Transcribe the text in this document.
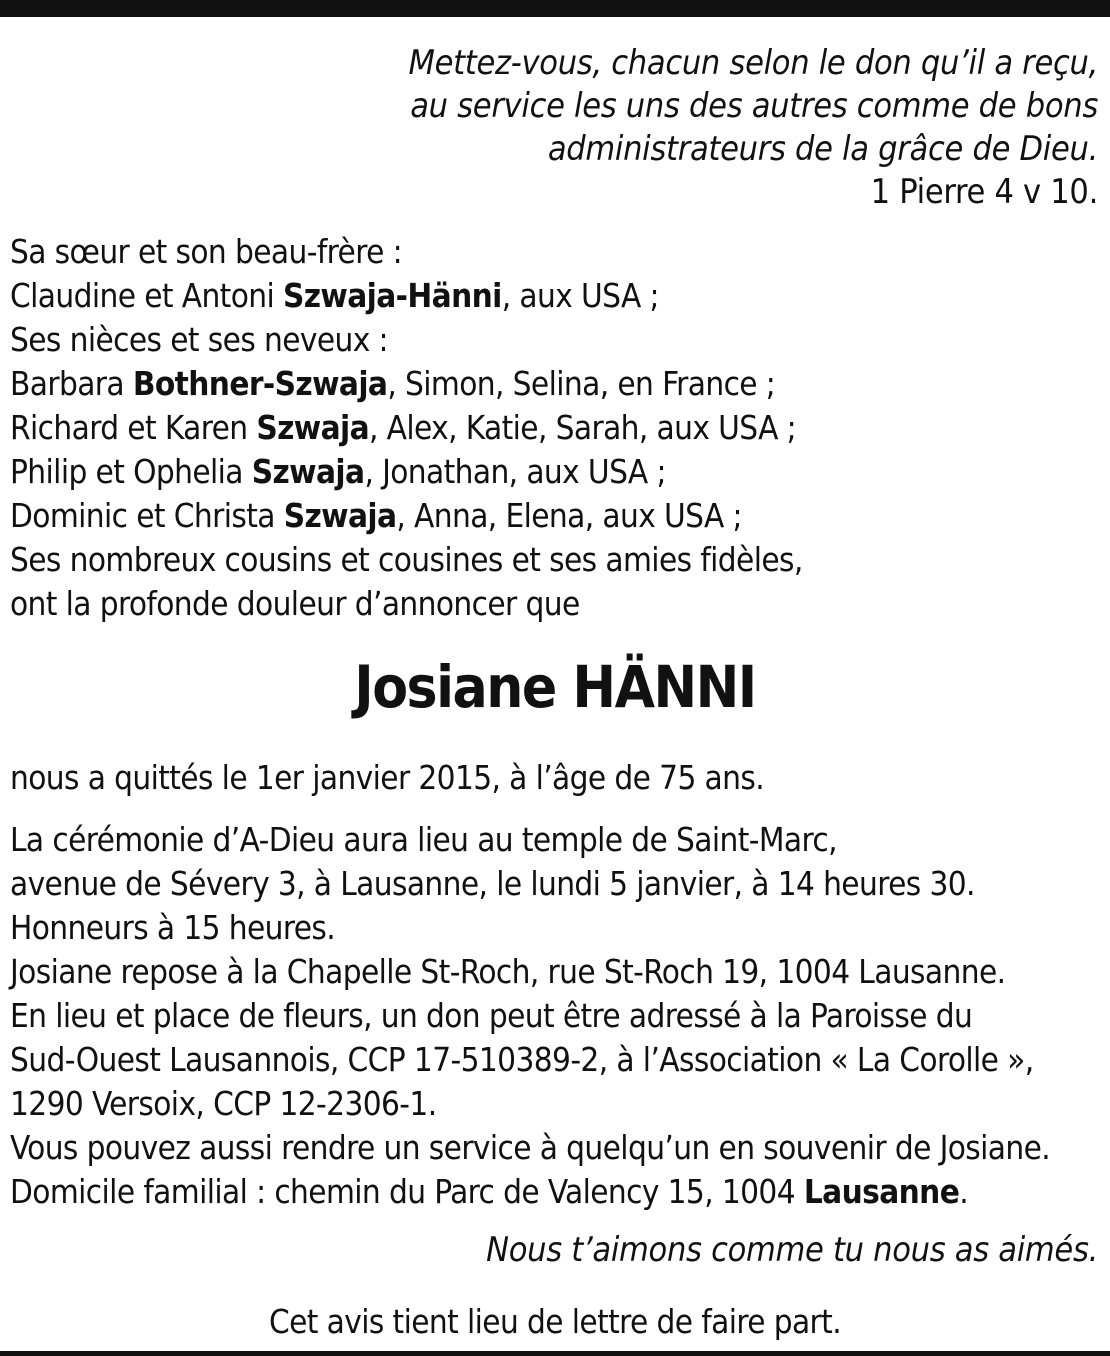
Mettez-vous, chacun selon le don qu’il a reçu,
au service les uns des autres comme de bons
administrateurs de la grâce de Dieu.
1 Pierre 4 v 10.
Sa sœur et son beau-frère :
Claudine et Antoni Szwaja-Hänni, aux USA ;
Ses nièces et ses neveux :
Barbara Bothner-Szwaja, Simon, Selina, en France ;
Richard et Karen Szwaja, Alex, Katie, Sarah, aux USA ;
Philip et Ophelia Szwaja, Jonathan, aux USA ;
Dominic et Christa Szwaja, Anna, Elena, aux USA ;
Ses nombreux cousins et cousines et ses amies fidèles,
ont la profonde douleur d’annoncer que
Josiane HÄNNI
nous a quittés le 1er janvier 2015, à l’âge de 75 ans.
La cérémonie d’A-Dieu aura lieu au temple de Saint-Marc,
avenue de Sévery 3, à Lausanne, le lundi 5 janvier, à 14 heures 30.
Honneurs à 15 heures.
Josiane repose à la Chapelle St-Roch, rue St-Roch 19, 1004 Lausanne.
En lieu et place de fleurs, un don peut être adressé à la Paroisse du
Sud-Ouest Lausannois, CCP 17-510389-2, à l’Association « La Corolle »,
1290 Versoix, CCP 12-2306-1.
Vous pouvez aussi rendre un service à quelqu’un en souvenir de Josiane.
Domicile familial : chemin du Parc de Valency 15, 1004 Lausanne.
Nous t’aimons comme tu nous as aimés.
Cet avis tient lieu de lettre de faire part.
